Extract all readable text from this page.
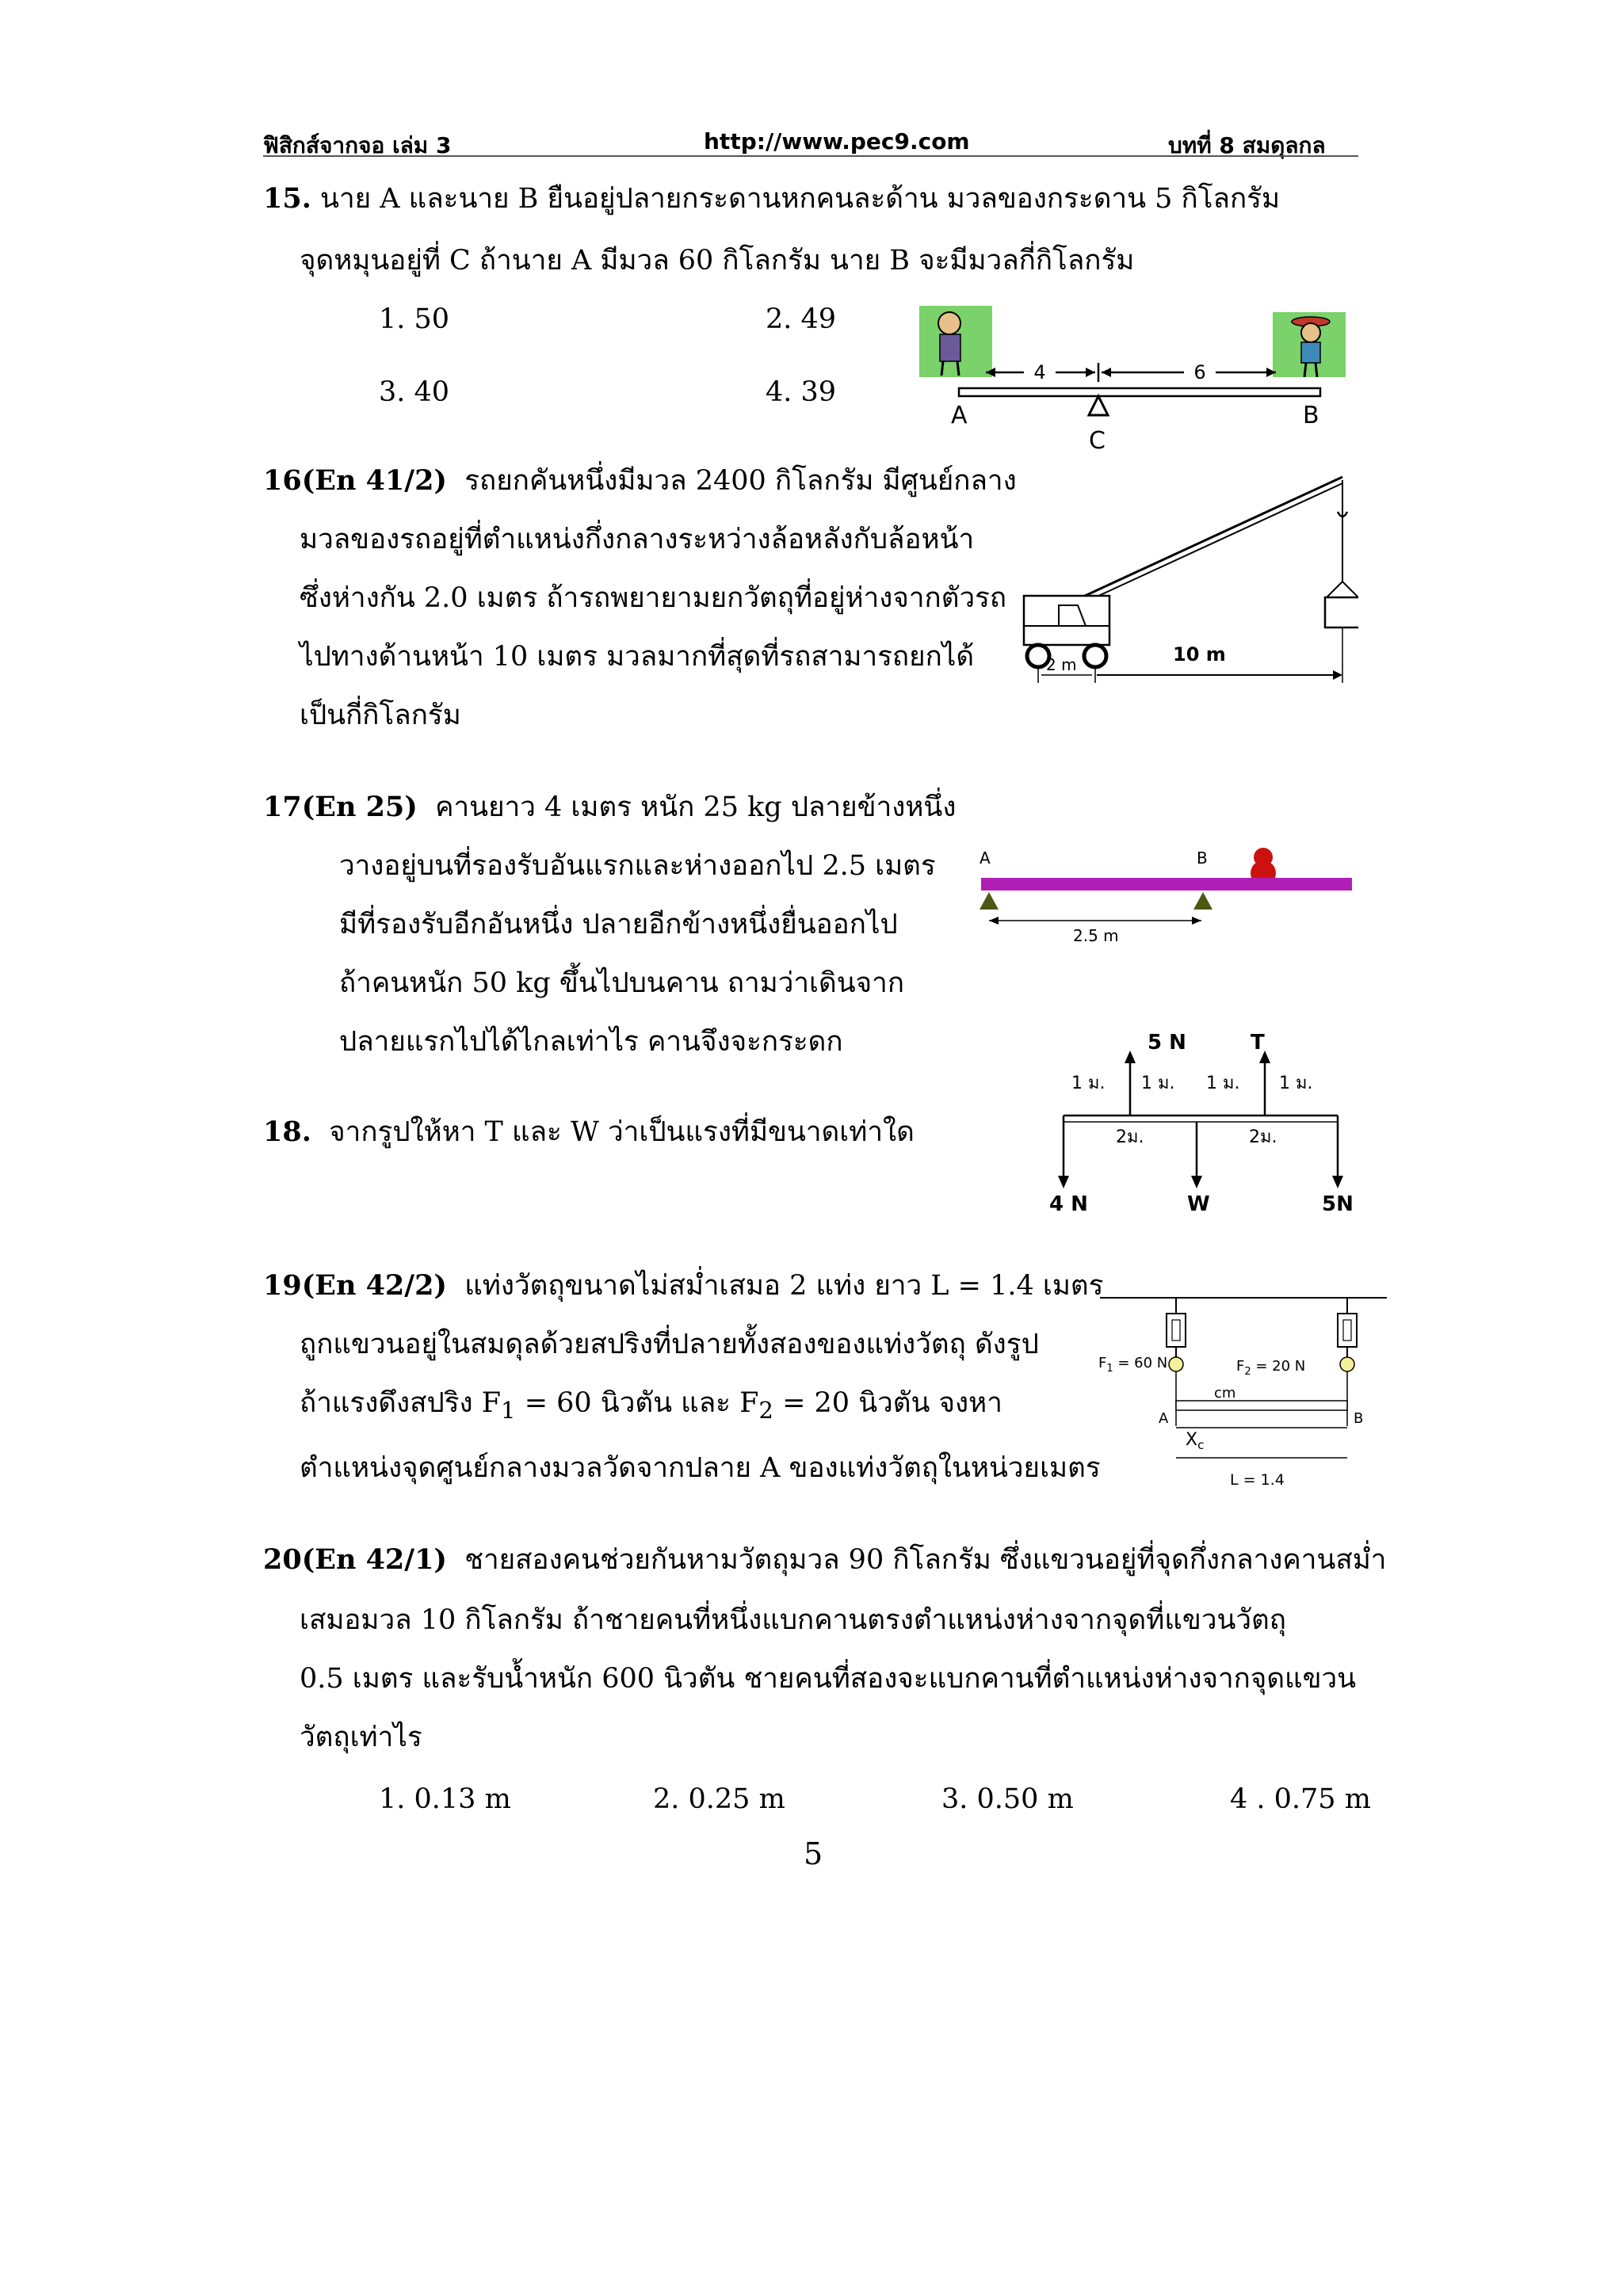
ฟิสิกส์จากจอ เล่ม 3	http://www.pec9.com	บทที่ 8 สมดุลกล
15. นาย A และนาย B ยืนอยู่ปลายกระดานหกคนละด้าน มวลของกระดาน 5 กิโลกรัม
จุดหมุนอยู่ที่ C ถ้านาย A มีมวล 60 กิโลกรัม นาย B จะมีมวลกี่กิโลกรัม
1. 50	2. 49
3. 40	4. 39
4	6
A
C
B
16(En 41/2) รถยกคันหนึ่งมีมวล 2400 กิโลกรัม มีศูนย์กลาง
มวลของรถอยู่ที่ตำแหน่งกึ่งกลางระหว่างล้อหลังกับล้อหน้า
ซึ่งห่างกัน 2.0 เมตร ถ้ารถพยายามยกวัตถุที่อยู่ห่างจากตัวรถ
ไปทางด้านหน้า 10 เมตร มวลมากที่สุดที่รถสามารถยกได้
เป็นกี่กิโลกรัม
2 m	10 m
17(En 25) คานยาว 4 เมตร หนัก 25 kg ปลายข้างหนึ่ง
วางอยู่บนที่รองรับอันแรกและห่างออกไป 2.5 เมตร
มีที่รองรับอีกอันหนึ่ง ปลายอีกข้างหนึ่งยื่นออกไป
ถ้าคนหนัก 50 kg ขึ้นไปบนคาน ถามว่าเดินจาก
ปลายแรกไปได้ไกลเท่าไร คานจึงจะกระดก
A	B
2.5 m
18. จากรูปให้หา T และ W ว่าเป็นแรงที่มีขนาดเท่าใด
5 N	T
1 ม. 1 ม. 1 ม. 1 ม.
2ม.	2ม.
4 N	W	5N
19(En 42/2) แท่งวัตถุขนาดไม่สม่ำเสมอ 2 แท่ง ยาว L = 1.4 เมตร
ถูกแขวนอยู่ในสมดุลด้วยสปริงที่ปลายทั้งสองของแท่งวัตถุ ดังรูป
ถ้าแรงดึงสปริง $F_1 = 60$ นิวตัน และ $F_2 = 20$ นิวตัน จงหา
ตำแหน่งจุดศูนย์กลางมวลวัดจากปลาย A ของแท่งวัตถุในหน่วยเมตร
$F_1 = 60$ N	$F_2 = 20$ N
cm
A	B
$X_c$
L = 1.4
20(En 42/1) ชายสองคนช่วยกันหามวัตถุมวล 90 กิโลกรัม ซึ่งแขวนอยู่ที่จุดกึ่งกลางคานสม่ำ
เสมอมวล 10 กิโลกรัม ถ้าชายคนที่หนึ่งแบกคานตรงตำแหน่งห่างจากจุดที่แขวนวัตถุ
0.5 เมตร และรับน้ำหนัก 600 นิวตัน ชายคนที่สองจะแบกคานที่ตำแหน่งห่างจากจุดแขวน
วัตถุเท่าไร
1. 0.13 m	2. 0.25 m	3. 0.50 m	4 . 0.75 m
5
